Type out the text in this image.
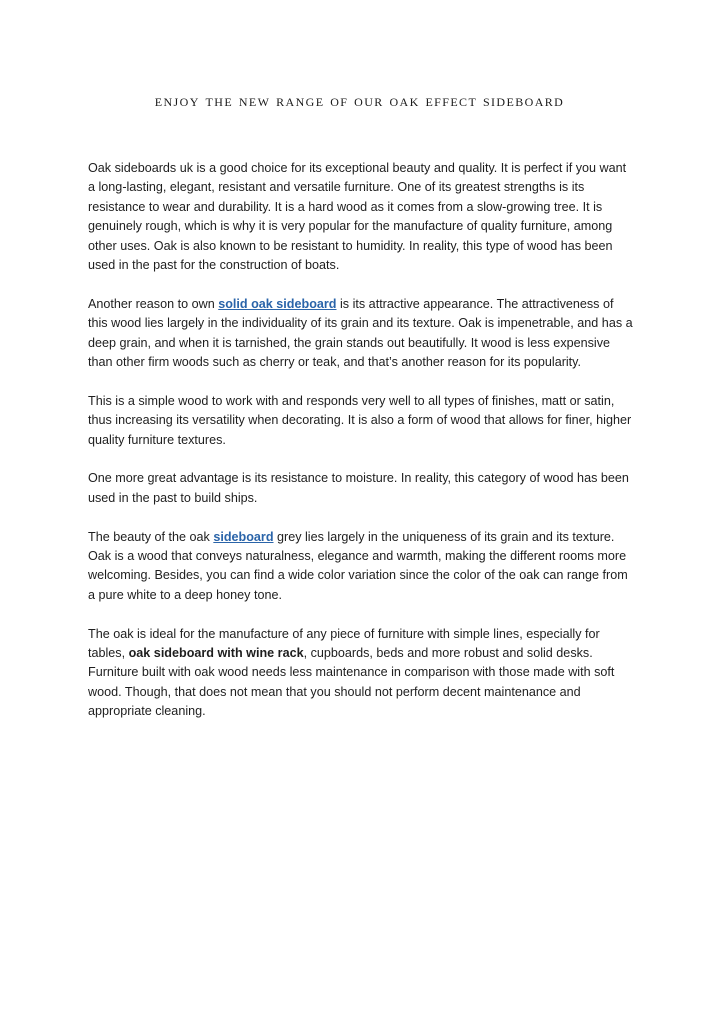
enjoy the new range of our oak effect sideboard

Oak sideboards uk is a good choice for its exceptional beauty and quality. It is perfect if you want a long-lasting, elegant, resistant and versatile furniture. One of its greatest strengths is its resistance to wear and durability. It is a hard wood as it comes from a slow-growing tree. It is genuinely rough, which is why it is very popular for the manufacture of quality furniture, among other uses. Oak is also known to be resistant to humidity. In reality, this type of wood has been used in the past for the construction of boats.

Another reason to own solid oak sideboard is its attractive appearance. The attractiveness of this wood lies largely in the individuality of its grain and its texture. Oak is impenetrable, and has a deep grain, and when it is tarnished, the grain stands out beautifully. It wood is less expensive than other firm woods such as cherry or teak, and that’s another reason for its popularity.

This is a simple wood to work with and responds very well to all types of finishes, matt or satin, thus increasing its versatility when decorating. It is also a form of wood that allows for finer, higher quality furniture textures.

One more great advantage is its resistance to moisture. In reality, this category of wood has been used in the past to build ships.

The beauty of the oak sideboard grey lies largely in the uniqueness of its grain and its texture. Oak is a wood that conveys naturalness, elegance and warmth, making the different rooms more welcoming. Besides, you can find a wide color variation since the color of the oak can range from a pure white to a deep honey tone.

The oak is ideal for the manufacture of any piece of furniture with simple lines, especially for tables, oak sideboard with wine rack, cupboards, beds and more robust and solid desks. Furniture built with oak wood needs less maintenance in comparison with those made with soft wood. Though, that does not mean that you should not perform decent maintenance and appropriate cleaning.
